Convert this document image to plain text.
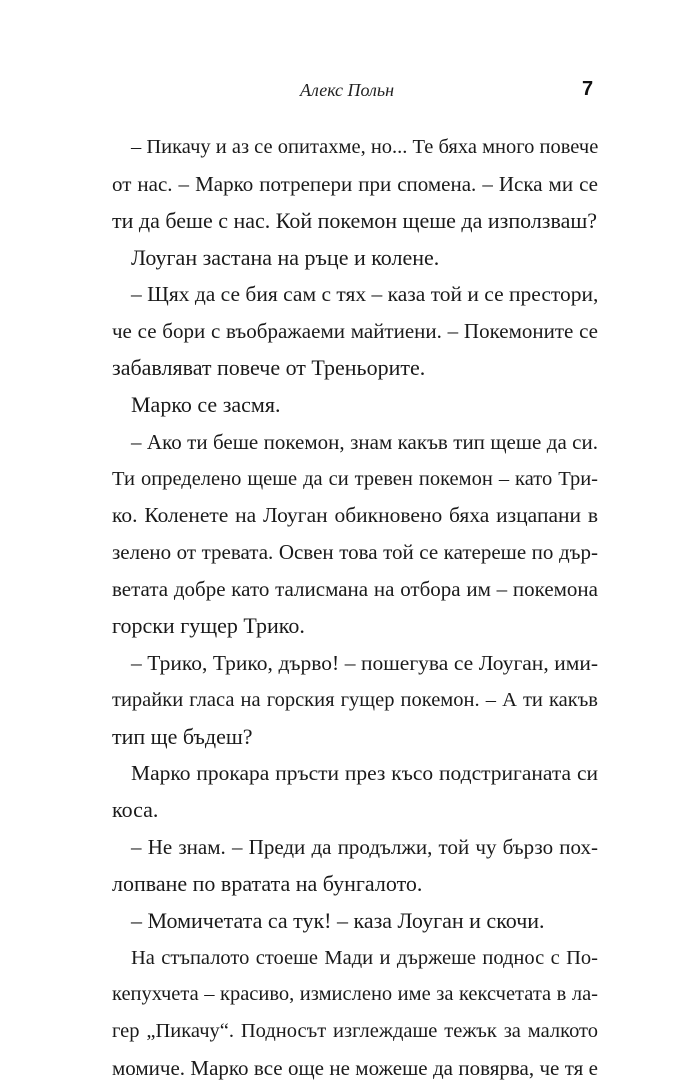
Алекс Польн	7
– Пикачу и аз се опитахме, но... Те бяха много повече
от нас. – Марко потрепери при спомена. – Иска ми се
ти да беше с нас. Кой покемон щеше да използваш?
Лоуган застана на ръце и колене.
– Щях да се бия сам с тях – каза той и се престори,
че се бори с въображаеми майтиени. – Покемоните се
забавляват повече от Треньорите.
Марко се засмя.
– Ако ти беше покемон, знам какъв тип щеше да си.
Ти определено щеше да си тревен покемон – като Три-
ко. Коленете на Лоуган обикновено бяха изцапани в
зелено от тревата. Освен това той се катереше по дър-
ветата добре като талисмана на отбора им – покемона
горски гущер Трико.
– Трико, Трико, дърво! – пошегува се Лоуган, ими-
тирайки гласа на горския гущер покемон. – А ти какъв
тип ще бъдеш?
Марко прокара пръсти през късо подстриганата си
коса.
– Не знам. – Преди да продължи, той чу бързо пох-
лопване по вратата на бунгалото.
– Момичетата са тук! – каза Лоуган и скочи.
На стъпалото стоеше Мади и държеше поднос с По-
кепухчета – красиво, измислено име за кексчетата в ла-
гер „Пикачу“. Подносът изглеждаше тежък за малкото
момиче. Марко все още не можеше да повярва, че тя е
